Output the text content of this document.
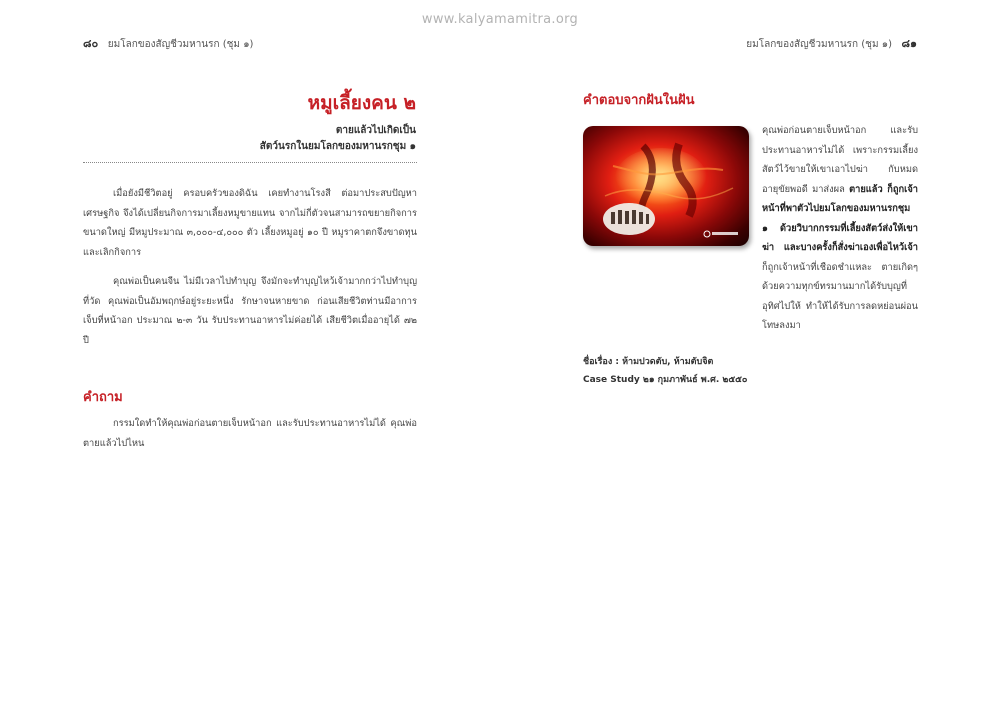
www.kalyamamitra.org
๘๐ ยมโลกของสัญชีวมหานรก (ชุม ๑)	ยมโลกของสัญชีวมหานรก (ชุม ๑) ๘๑
หมูเลี้ยงคน ๒
ตายแล้วไปเกิดเป็น
สัตว์นรกในยมโลกของมหานรกชุม ๑

เมื่อยังมีชีวิตอยู่ ครอบครัวของดิฉัน เคยทำงานโรงสี ต่อมาประสบปัญหาเศรษฐกิจ จึงได้เปลี่ยนกิจการมาเลี้ยงหมูขายแทน จากไม่กี่ตัวจนสามารถขยายกิจการขนาดใหญ่ มีหมูประมาณ ๓,๐๐๐-๔,๐๐๐ ตัว เลี้ยงหมูอยู่ ๑๐ ปี หมูราคาตกจึงขาดทุน และเลิกกิจการ

คุณพ่อเป็นคนจีน ไม่มีเวลาไปทำบุญ จึงมักจะทำบุญไหว้เจ้ามากกว่าไปทำบุญที่วัด คุณพ่อเป็นอัมพฤกษ์อยู่ระยะหนึ่ง รักษาจนหายขาด ก่อนเสียชีวิตท่านมีอาการเจ็บที่หน้าอก ประมาณ ๒-๓ วัน รับประทานอาหารไม่ค่อยได้ เสียชีวิตเมื่ออายุได้ ๗๒ ปี

คำถาม

กรรมใดทำให้คุณพ่อก่อนตายเจ็บหน้าอก และรับประทานอาหารไม่ได้ คุณพ่อตายแล้วไปไหน

คำตอบจากฝันในฝัน

คุณพ่อก่อนตายเจ็บหน้าอก และรับประทานอาหารไม่ได้ เพราะกรรมเลี้ยงสัตว์ไว้ขายให้เขาเอาไปฆ่า กับหมดอายุขัยพอดี มาส่งผล ตายแล้ว ก็ถูกเจ้าหน้าที่พาตัวไปยมโลกของมหานรกชุม ๑ ด้วยวิบากกรรมที่เลี้ยงสัตว์ส่งให้เขาฆ่า และบางครั้งก็สั่งฆ่าเองเพื่อไหว้เจ้า ก็ถูกเจ้าหน้าที่เชือดชำแหละ ตายเกิดๆ ด้วยความทุกข์ทรมานมากได้รับบุญที่อุทิศไปให้ ทำให้ได้รับการลดหย่อนผ่อนโทษลงมา

ชื่อเรื่อง : ห้ามปวดตับ, ห้ามตับจิต
Case Study ๒๑ กุมภาพันธ์ พ.ศ. ๒๕๕๐
